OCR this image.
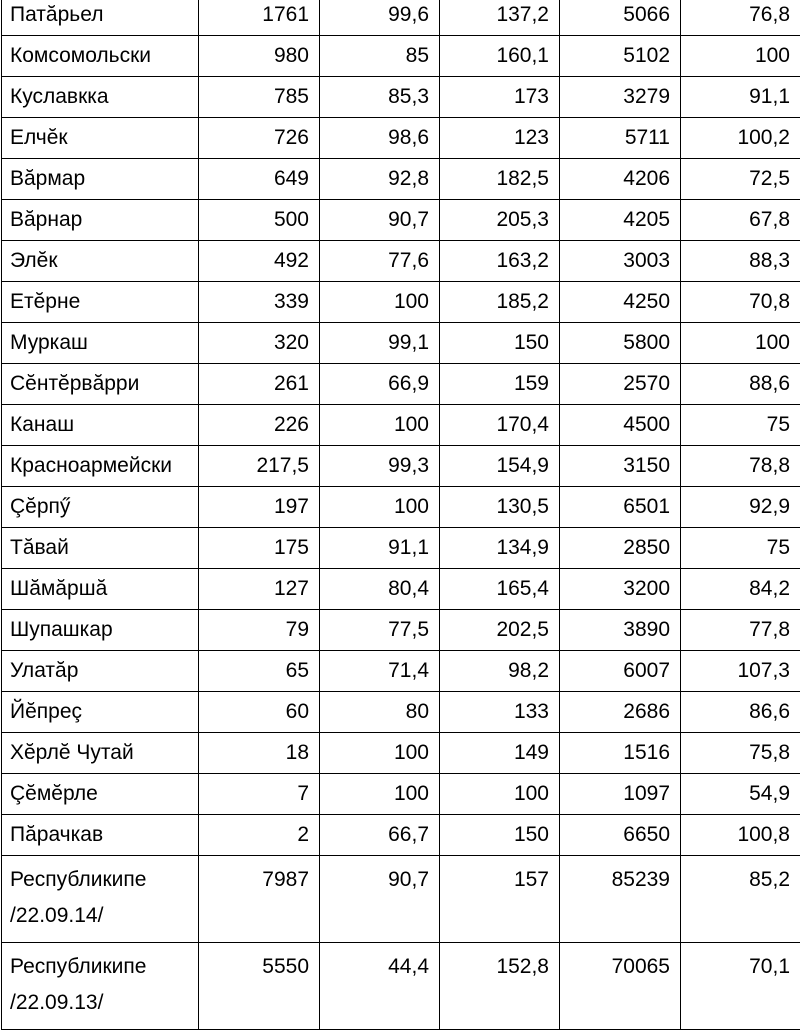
Патăрьел	1761	99,6	137,2	5066	76,8
Комсомольски	980	85	160,1	5102	100
Куславкка	785	85,3	173	3279	91,1
Елчĕк	726	98,6	123	5711	100,2
Вăрмар	649	92,8	182,5	4206	72,5
Вăрнар	500	90,7	205,3	4205	67,8
Элĕк	492	77,6	163,2	3003	88,3
Етĕрне	339	100	185,2	4250	70,8
Муркаш	320	99,1	150	5800	100
Сĕнтĕрвăрри	261	66,9	159	2570	88,6
Канаш	226	100	170,4	4500	75
Красноармейски	217,5	99,3	154,9	3150	78,8
Çĕрпӳ	197	100	130,5	6501	92,9
Тăвай	175	91,1	134,9	2850	75
Шăмăршă	127	80,4	165,4	3200	84,2
Шупашкар	79	77,5	202,5	3890	77,8
Улатăр	65	71,4	98,2	6007	107,3
Йĕпреç	60	80	133	2686	86,6
Хĕрлĕ Чутай	18	100	149	1516	75,8
Çĕмĕрле	7	100	100	1097	54,9
Пăрачкав	2	66,7	150	6650	100,8

Республикипе
/22.09.14/	7987	90,7	157	85239	85,2

Республикипе
/22.09.13/	5550	44,4	152,8	70065	70,1
